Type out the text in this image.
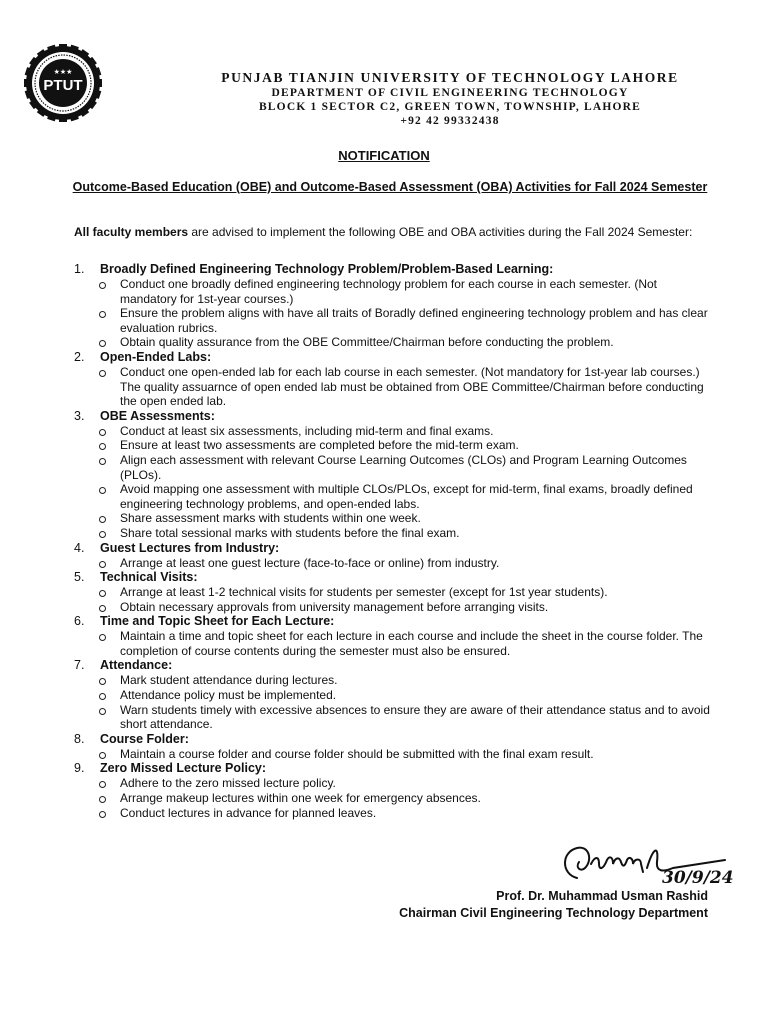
★★★
PTUT	PUNJAB TIANJIN UNIVERSITY OF TECHNOLOGY LAHORE
DEPARTMENT OF CIVIL ENGINEERING TECHNOLOGY
BLOCK 1 SECTOR C2, GREEN TOWN, TOWNSHIP, LAHORE
+92 42 99332438
NOTIFICATION
Outcome-Based Education (OBE) and Outcome-Based Assessment (OBA) Activities for Fall 2024 Semester
All faculty members are advised to implement the following OBE and OBA activities during the Fall 2024 Semester:
1.	Broadly Defined Engineering Technology Problem/Problem-Based Learning:
Conduct one broadly defined engineering technology problem for each course in each semester. (Not mandatory for 1st-year courses.)
Ensure the problem aligns with have all traits of Boradly defined engineering technology problem and has clear evaluation rubrics.
Obtain quality assurance from the OBE Committee/Chairman before conducting the problem.
2.	Open-Ended Labs:
Conduct one open-ended lab for each lab course in each semester. (Not mandatory for 1st-year lab courses.) The quality assuarnce of open ended lab must be obtained from OBE Committee/Chairman before conducting the open ended lab.
3.	OBE Assessments:
Conduct at least six assessments, including mid-term and final exams.
Ensure at least two assessments are completed before the mid-term exam.
Align each assessment with relevant Course Learning Outcomes (CLOs) and Program Learning Outcomes (PLOs).
Avoid mapping one assessment with multiple CLOs/PLOs, except for mid-term, final exams, broadly defined engineering technology problems, and open-ended labs.
Share assessment marks with students within one week.
Share total sessional marks with students before the final exam.
4.	Guest Lectures from Industry:
Arrange at least one guest lecture (face-to-face or online) from industry.
5.	Technical Visits:
Arrange at least 1-2 technical visits for students per semester (except for 1st year students).
Obtain necessary approvals from university management before arranging visits.
6.	Time and Topic Sheet for Each Lecture:
Maintain a time and topic sheet for each lecture in each course and include the sheet in the course folder. The completion of course contents during the semester must also be ensured.
7.	Attendance:
Mark student attendance during lectures.
Attendance policy must be implemented.
Warn students timely with excessive absences to ensure they are aware of their attendance status and to avoid short attendance.
8.	Course Folder:
Maintain a course folder and course folder should be submitted with the final exam result.
9.	Zero Missed Lecture Policy:
Adhere to the zero missed lecture policy.
Arrange makeup lectures within one week for emergency absences.
Conduct lectures in advance for planned leaves.
30/9/24
Prof. Dr. Muhammad Usman Rashid
Chairman Civil Engineering Technology Department
